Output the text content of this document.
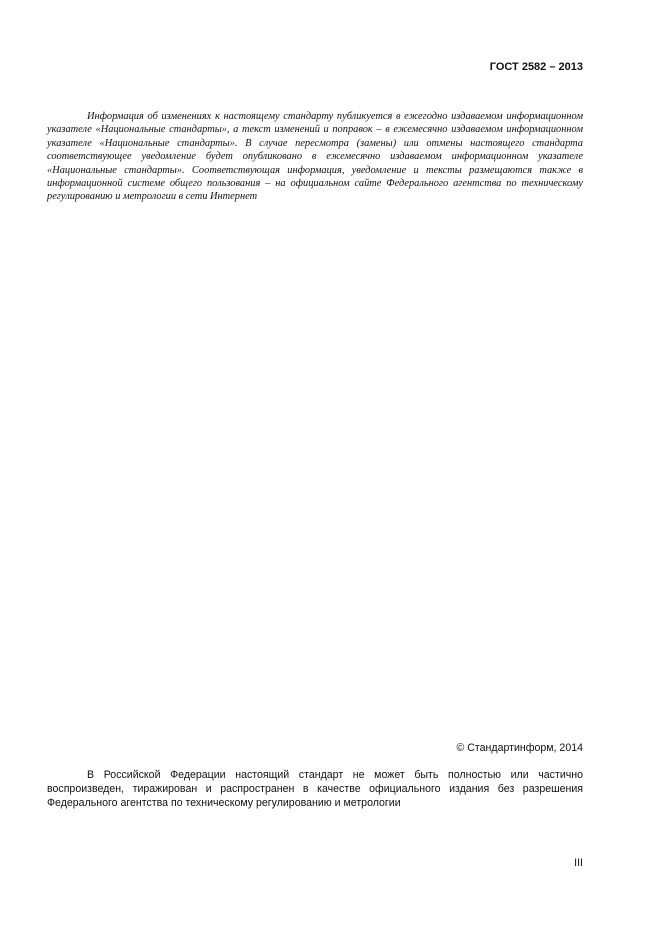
ГОСТ 2582 – 2013

Информация об изменениях к настоящему стандарту публикуется в ежегодно издаваемом информационном указателе «Национальные стандарты», а текст изменений и поправок – в ежемесячно издаваемом информационном указателе «Национальные стандарты». В случае пересмотра (замены) или отмены настоящего стандарта соответствующее уведомление будет опубликовано в ежемесячно издаваемом информационном указателе «Национальные стандарты». Соответствующая информация, уведомление и тексты размещаются также в информационной системе общего пользования – на официальном сайте Федерального агентства по техническому регулированию и метрологии в сети Интернет

© Стандартинформ, 2014

В Российской Федерации настоящий стандарт не может быть полностью или частично воспроизведен, тиражирован и распространен в качестве официального издания без разрешения Федерального агентства по техническому регулированию и метрологии

III
